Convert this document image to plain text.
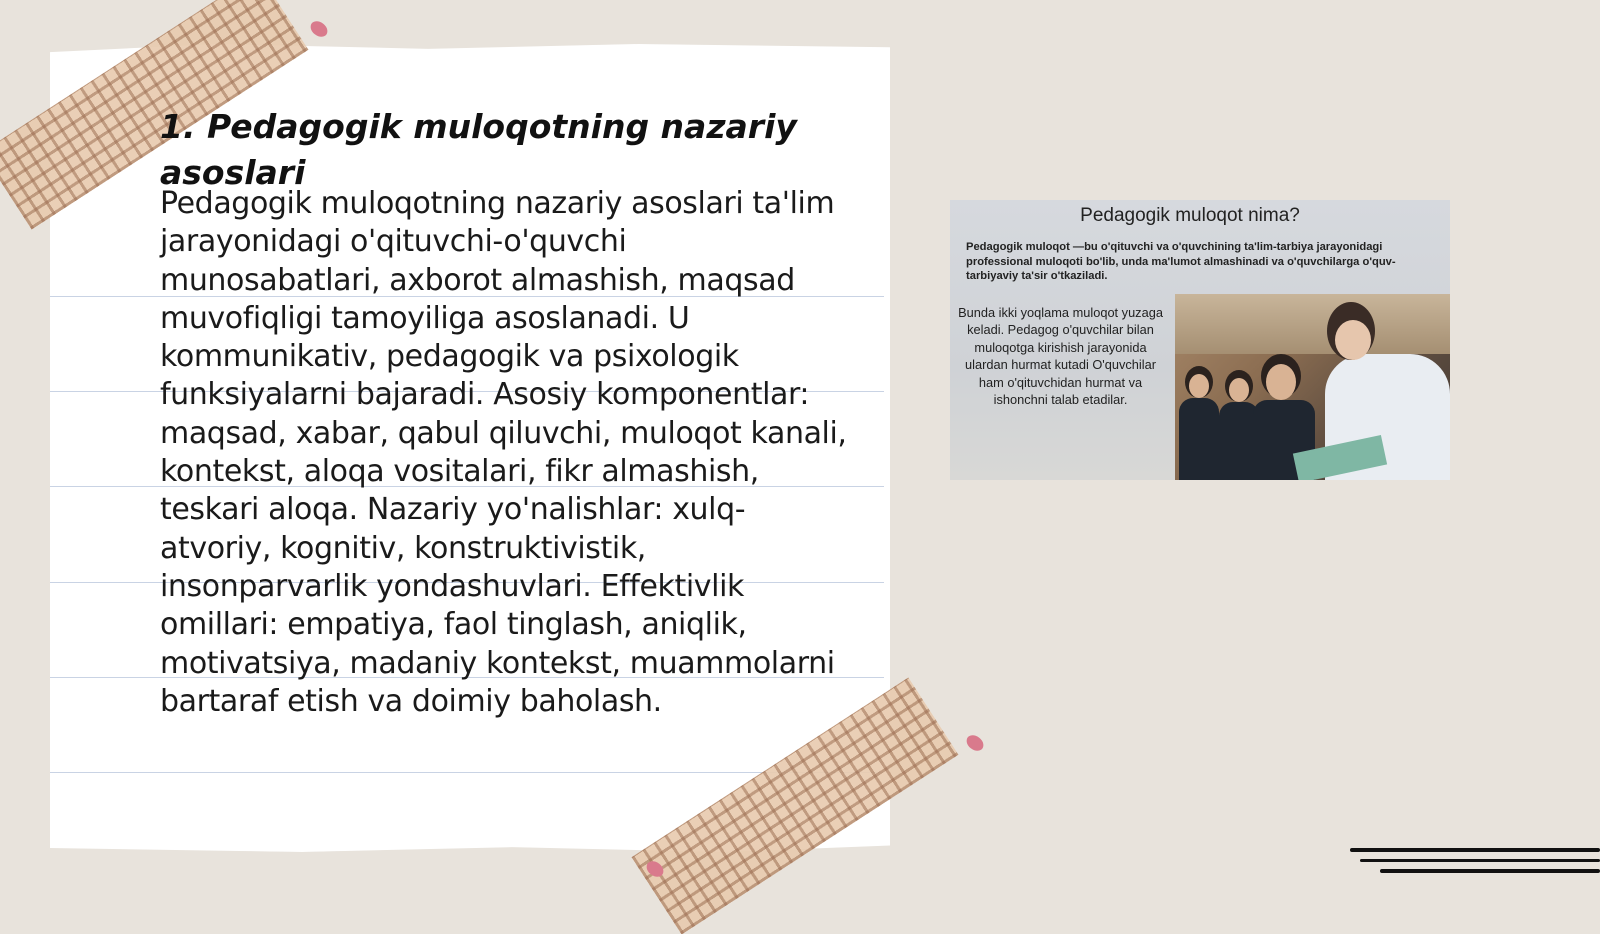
1. Pedagogik muloqotning nazariy asoslari

Pedagogik muloqotning nazariy asoslari ta'lim jarayonidagi o'qituvchi-o'quvchi munosabatlari, axborot almashish, maqsad muvofiqligi tamoyiliga asoslanadi. U kommunikativ, pedagogik va psixologik funksiyalarni bajaradi. Asosiy komponentlar: maqsad, xabar, qabul qiluvchi, muloqot kanali, kontekst, aloqa vositalari, fikr almashish, teskari aloqa. Nazariy yo'nalishlar: xulq-atvoriy, kognitiv, konstruktivistik, insonparvarlik yondashuvlari. Effektivlik omillari: empatiya, faol tinglash, aniqlik, motivatsiya, madaniy kontekst, muammolarni bartaraf etish va doimiy baholash.

Pedagogik muloqot nima?
Pedagogik muloqot —bu o'qituvchi va o'quvchining ta'lim-tarbiya jarayonidagi professional muloqoti bo'lib, unda ma'lumot almashinadi va o'quvchilarga o'quv-tarbiyaviy ta'sir o'tkaziladi.
Bunda ikki yoqlama muloqot yuzaga keladi. Pedagog o'quvchilar bilan muloqotga kirishish jarayonida ulardan hurmat kutadi O'quvchilar ham o'qituvchidan hurmat va ishonchni talab etadilar.
